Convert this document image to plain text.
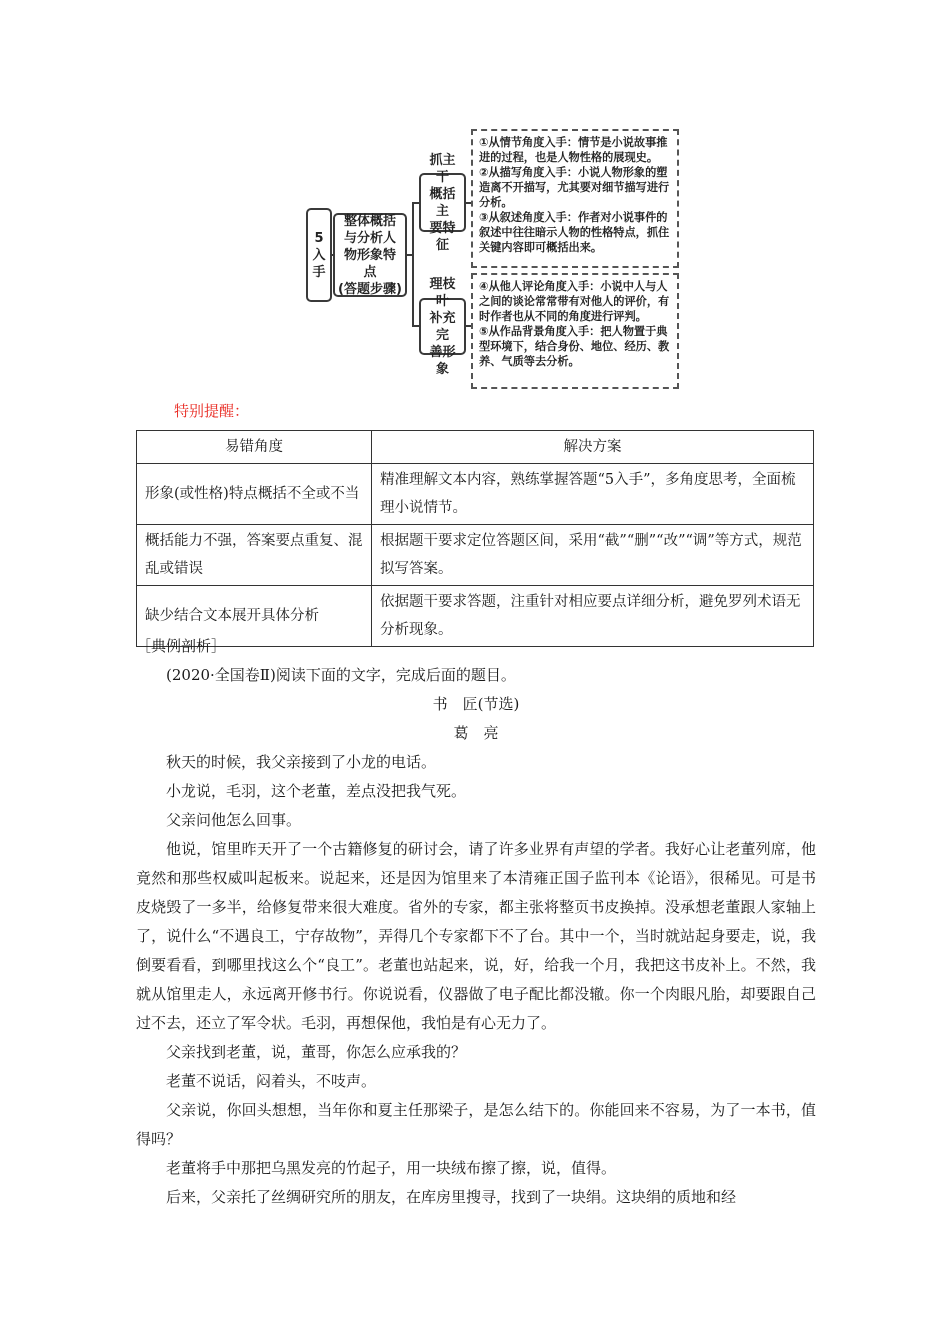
5
入
手
整体概括
与分析人
物形象特点
(答题步骤)
抓主干
概括主
要特征
理枝叶
补充完
善形象

①从情节角度入手：情节是小说故事推进的过程，也是人物性格的展现史。

②从描写角度入手：小说人物形象的塑造离不开描写，尤其要对细节描写进行分析。

③从叙述角度入手：作者对小说事件的叙述中往往暗示人物的性格特点，抓住关键内容即可概括出来。

④从他人评论角度入手：小说中人与人之间的谈论常常带有对他人的评价，有时作者也从不同的角度进行评判。

⑤从作品背景角度入手：把人物置于典型环境下，结合身份、地位、经历、教养、气质等去分析。

特别提醒：
易错角度	解决方案
形象(或性格)特点概括不全或不当	精准理解文本内容，熟练掌握答题“5入手”，多角度思考，全面梳理小说情节。
概括能力不强，答案要点重复、混乱或错误	根据题干要求定位答题区间，采用“截”“删”“改”“调”等方式，规范拟写答案。
缺少结合文本展开具体分析	依据题干要求答题，注重针对相应要点详细分析，避免罗列术语无分析现象。

［典例剖析］

(2020·全国卷Ⅱ)阅读下面的文字，完成后面的题目。

书　匠(节选)

葛　亮

秋天的时候，我父亲接到了小龙的电话。

小龙说，毛羽，这个老董，差点没把我气死。

父亲问他怎么回事。

他说，馆里昨天开了一个古籍修复的研讨会，请了许多业界有声望的学者。我好心让老董列席，他竟然和那些权威叫起板来。说起来，还是因为馆里来了本清雍正国子监刊本《论语》，很稀见。可是书皮烧毁了一多半，给修复带来很大难度。省外的专家，都主张将整页书皮换掉。没承想老董跟人家轴上了，说什么“不遇良工，宁存故物”，弄得几个专家都下不了台。其中一个，当时就站起身要走，说，我倒要看看，到哪里找这么个“良工”。老董也站起来，说，好，给我一个月，我把这书皮补上。不然，我就从馆里走人，永远离开修书行。你说说看，仪器做了电子配比都没辙。你一个肉眼凡胎，却要跟自己过不去，还立了军令状。毛羽，再想保他，我怕是有心无力了。

父亲找到老董，说，董哥，你怎么应承我的？

老董不说话，闷着头，不吱声。

父亲说，你回头想想，当年你和夏主任那梁子，是怎么结下的。你能回来不容易，为了一本书，值得吗？

老董将手中那把乌黑发亮的竹起子，用一块绒布擦了擦，说，值得。

后来，父亲托了丝绸研究所的朋友，在库房里搜寻，找到了一块绢。这块绢的质地和经
